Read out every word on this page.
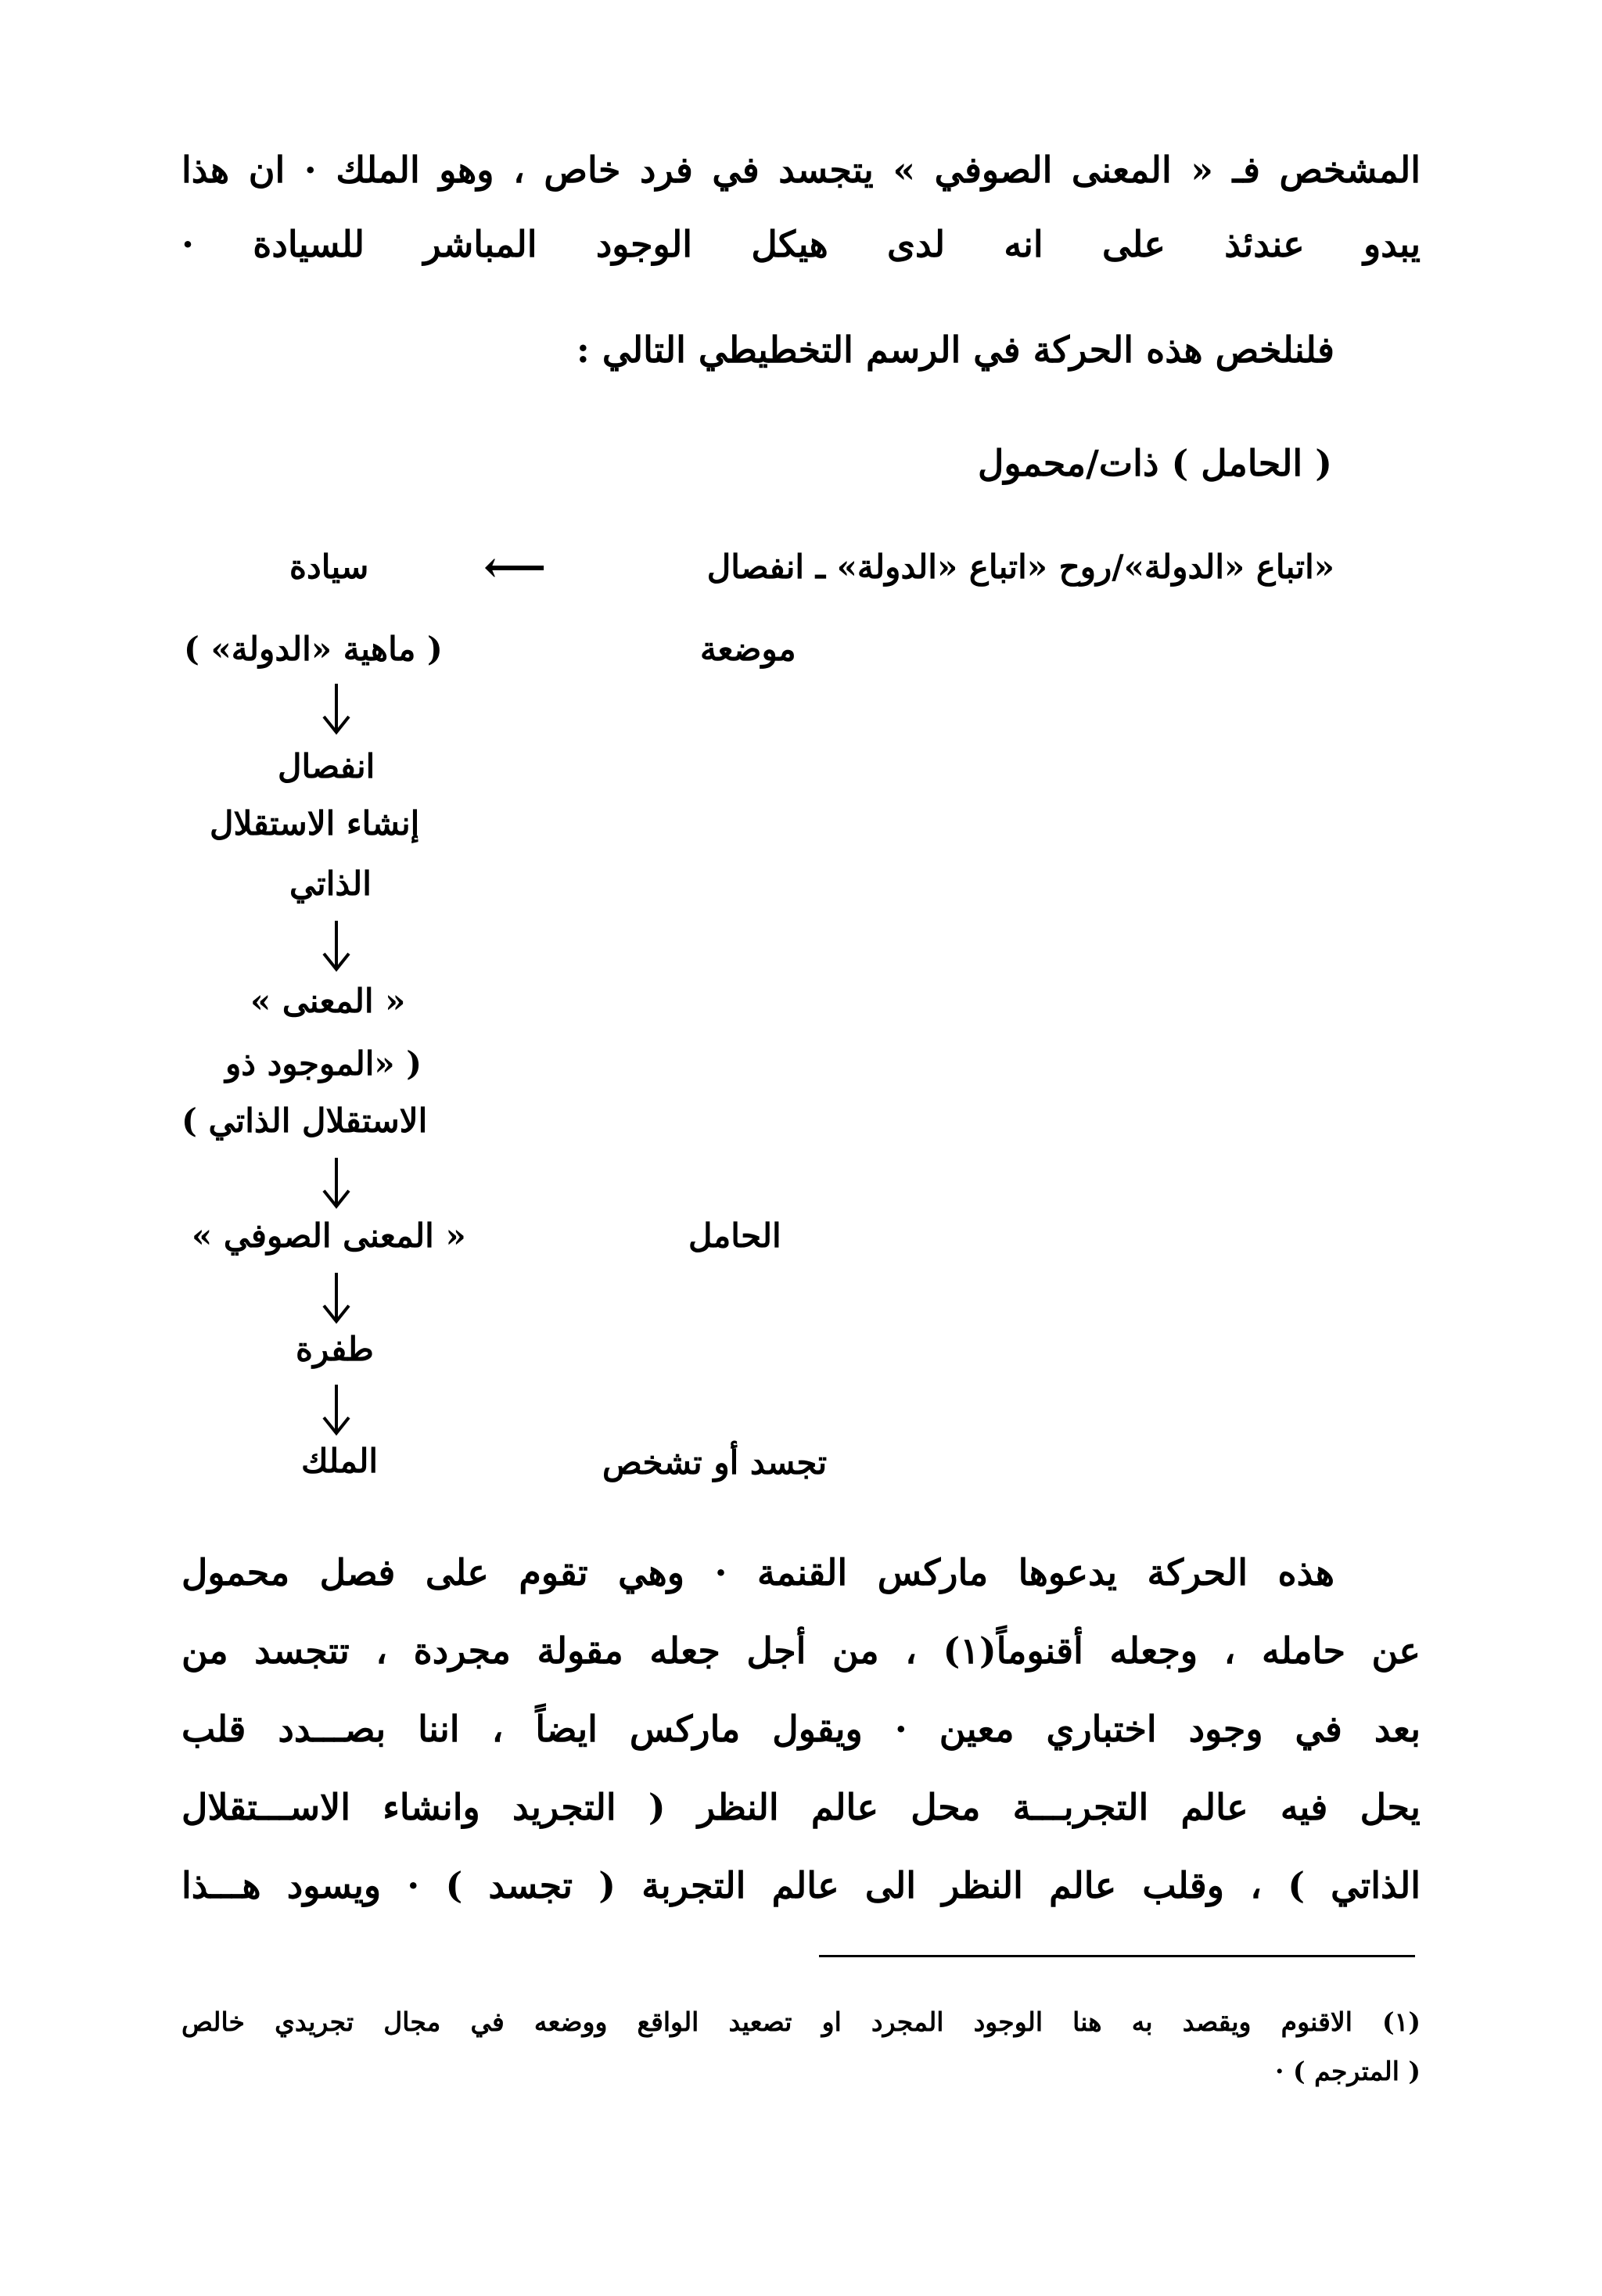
المشخص فـ « المعنى الصوفي » يتجسد في فرد خاص ، وهو الملك · ان هذا
يبدو عندئذ على انه لدى هيكل الوجود المباشر للسيادة ·
فلنلخص هذه الحركة في الرسم التخطيطي التالي :
( الحامل ) ذات/محمول
«اتباع «الدولة»/روح «اتباع «الدولة» ـ انفصال
⟵
سيادة
( ماهية «الدولة» )
انفصال
إنشاء الاستقلال
الذاتي
« المعنى »
( «الموجود ذو
الاستقلال الذاتي )
« المعنى الصوفي »
طفرة
الملك
موضعة
الحامل
تجسد أو تشخص
هذه الحركة يدعوها ماركس القنمة · وهي تقوم على فصل محمول
عن حامله ، وجعله أقنوماً(١) ، من أجل جعله مقولة مجردة ، تتجسد من
بعد في وجود اختباري معين · ويقول ماركس ايضاً ، اننا بصـــدد قلب
يحل فيه عالم التجربـــة محل عالم النظر ( التجريد وانشاء الاســـتقلال
الذاتي ) ، وقلب عالم النظر الى عالم التجربة ( تجسد ) · ويسود هـــذا
(١) الاقنوم ويقصد به هنا الوجود المجرد او تصعيد الواقع ووضعه في مجال تجريدي خالص
( المترجم ) ·
